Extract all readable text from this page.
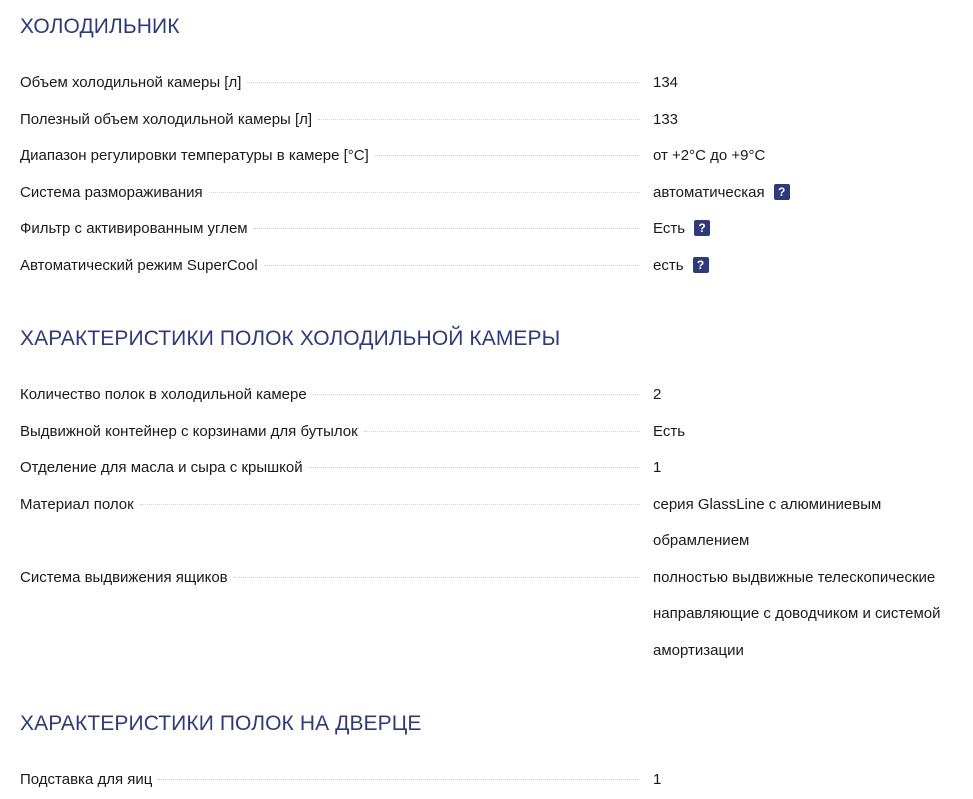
ХОЛОДИЛЬНИК
Объем холодильной камеры [л]	134
Полезный объем холодильной камеры [л]	133
Диапазон регулировки температуры в камере [°C]	от +2°С до +9°С
Система размораживания	автоматическая ?
Фильтр с активированным углем	Есть ?
Автоматический режим SuperCool	есть ?
ХАРАКТЕРИСТИКИ ПОЛОК ХОЛОДИЛЬНОЙ КАМЕРЫ
Количество полок в холодильной камере	2
Выдвижной контейнер с корзинами для бутылок	Есть
Отделение для масла и сыра с крышкой	1
Материал полок	серия GlassLine с алюминиевым обрамлением
Система выдвижения ящиков	полностью выдвижные телескопические направляющие с доводчиком и системой амортизации
ХАРАКТЕРИСТИКИ ПОЛОК НА ДВЕРЦЕ
Подставка для яиц	1
